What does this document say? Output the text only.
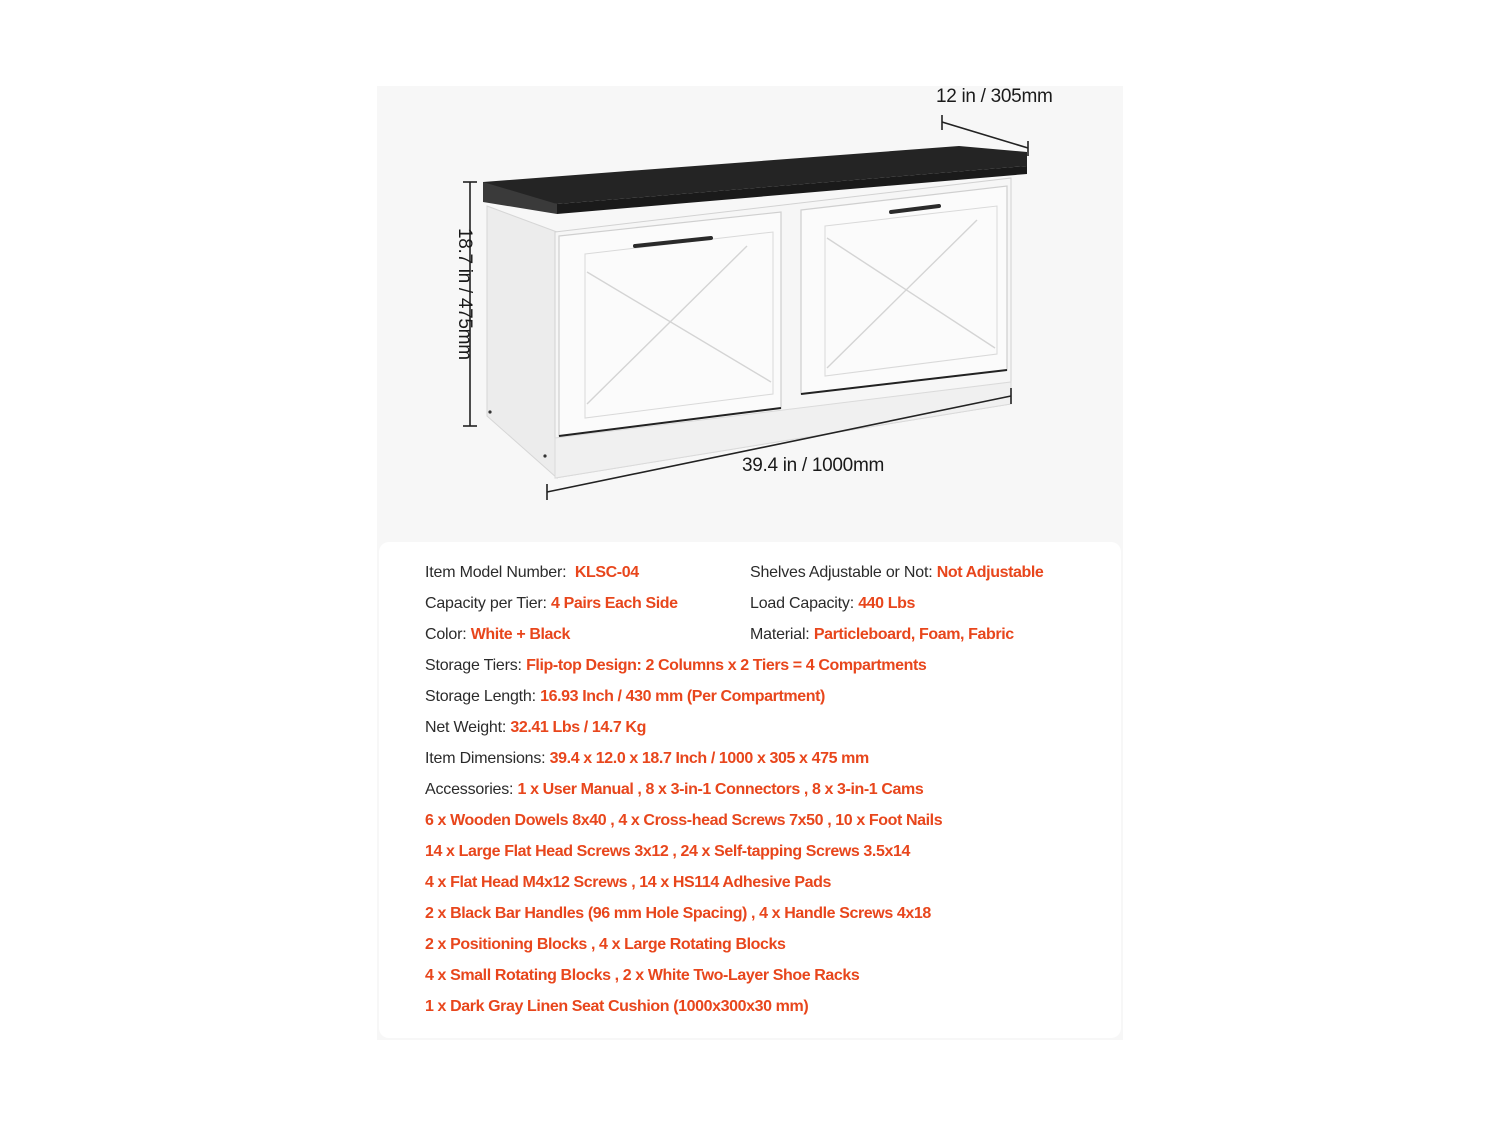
12 in / 305mm
18.7 in / 475mm
39.4 in / 1000mm
Item Model Number: KLSC-04	Shelves Adjustable or Not: Not Adjustable
Capacity per Tier: 4 Pairs Each Side	Load Capacity: 440 Lbs
Color: White + Black	Material: Particleboard, Foam, Fabric
Storage Tiers: Flip-top Design: 2 Columns x 2 Tiers = 4 Compartments
Storage Length: 16.93 Inch / 430 mm (Per Compartment)
Net Weight: 32.41 Lbs / 14.7 Kg
Item Dimensions: 39.4 x 12.0 x 18.7 Inch / 1000 x 305 x 475 mm
Accessories: 1 x User Manual , 8 x 3-in-1 Connectors , 8 x 3-in-1 Cams
6 x Wooden Dowels 8x40 , 4 x Cross-head Screws 7x50 , 10 x Foot Nails
14 x Large Flat Head Screws 3x12 , 24 x Self-tapping Screws 3.5x14
4 x Flat Head M4x12 Screws , 14 x HS114 Adhesive Pads
2 x Black Bar Handles (96 mm Hole Spacing) , 4 x Handle Screws 4x18
2 x Positioning Blocks , 4 x Large Rotating Blocks
4 x Small Rotating Blocks , 2 x White Two-Layer Shoe Racks
1 x Dark Gray Linen Seat Cushion (1000x300x30 mm)
